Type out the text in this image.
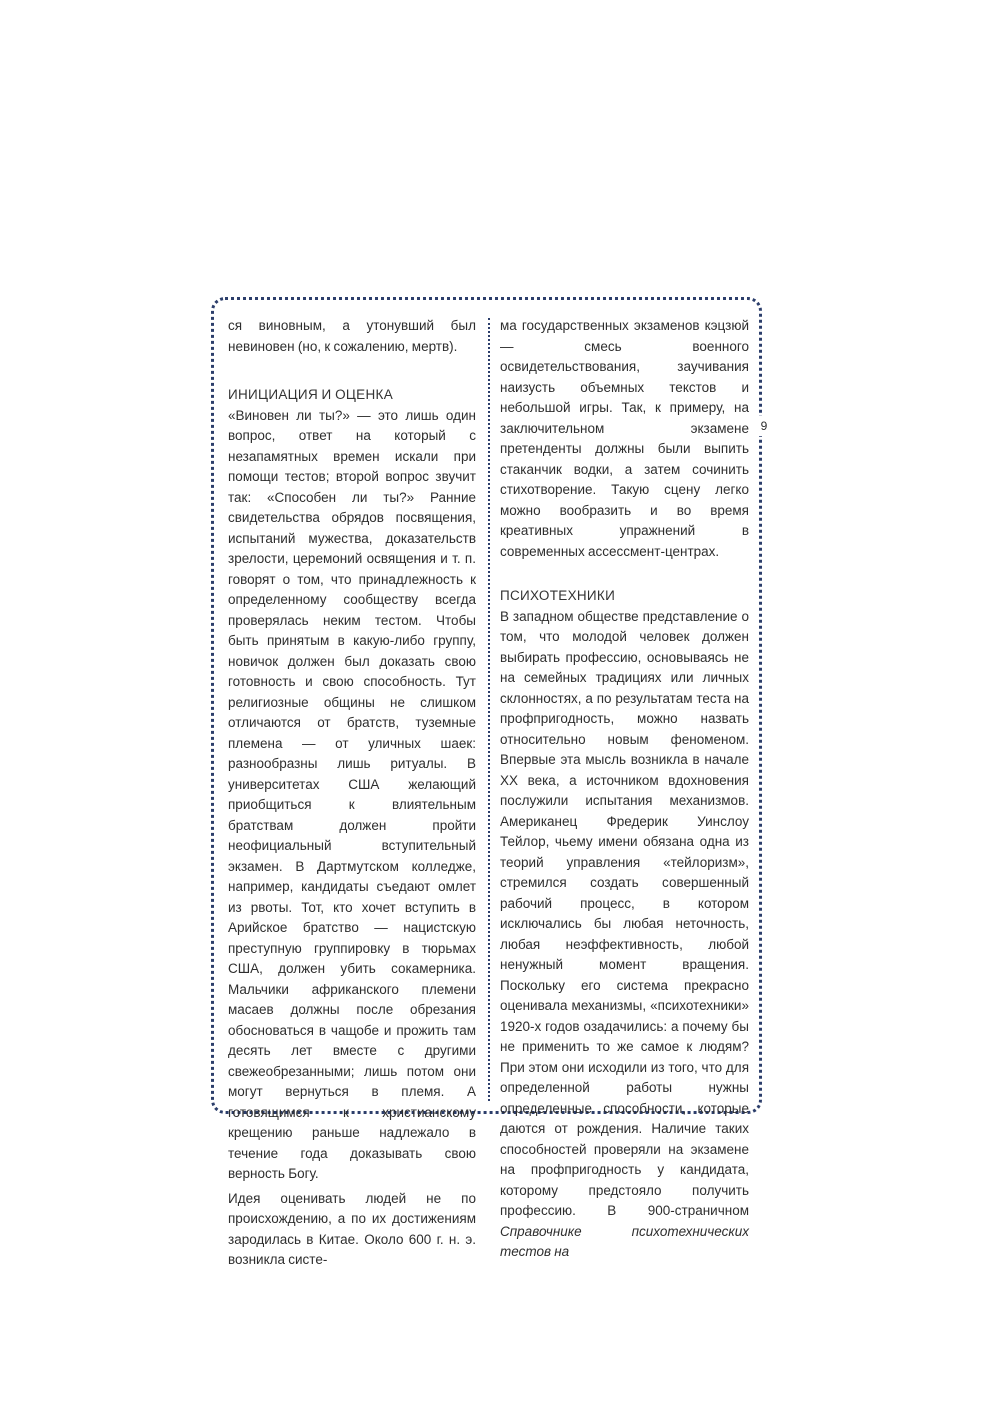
9

ся виновным, а утонувший был невиновен (но, к сожалению, мертв).

ИНИЦИАЦИЯ И ОЦЕНКА

«Виновен ли ты?» — это лишь один вопрос, ответ на который с незапамятных времен искали при помощи тестов; второй вопрос звучит так: «Способен ли ты?» Ранние свидетельства обрядов посвящения, испытаний мужества, доказательств зрелости, церемоний освящения и т. п. говорят о том, что принадлежность к определенному сообществу всегда проверялась неким тестом. Чтобы быть принятым в какую-либо группу, новичок должен был доказать свою готовность и свою способность. Тут религиозные общины не слишком отличаются от братств, туземные племена — от уличных шаек: разнообразны лишь ритуалы. В университетах США желающий приобщиться к влиятельным братствам должен пройти неофициальный вступительный экзамен. В Дартмутском колледже, например, кандидаты съедают омлет из рвоты. Тот, кто хочет вступить в Арийское братство — нацистскую преступную группировку в тюрьмах США, должен убить сокамерника. Мальчики африканского племени масаев должны после обрезания обосноваться в чащобе и прожить там десять лет вместе с другими свежеобрезанными; лишь потом они могут вернуться в племя. А готовящимся к христианскому крещению раньше надлежало в течение года доказывать свою верность Богу.

Идея оценивать людей не по происхождению, а по их достижениям зародилась в Китае. Около 600 г. н. э. возникла систе-

ма государственных экзаменов кэцзюй — смесь военного освидетельствования, заучивания наизусть объемных текстов и небольшой игры. Так, к примеру, на заключительном экзамене претенденты должны были выпить стаканчик водки, а затем сочинить стихотворение. Такую сцену легко можно вообразить и во время креативных упражнений в современных ассессмент-центрах.

ПСИХОТЕХНИКИ

В западном обществе представление о том, что молодой человек должен выбирать профессию, основываясь не на семейных традициях или личных склонностях, а по результатам теста на профпригодность, можно назвать относительно новым феноменом. Впервые эта мысль возникла в начале XX века, а источником вдохновения послужили испытания механизмов. Американец Фредерик Уинслоу Тейлор, чьему имени обязана одна из теорий управления «тейлоризм», стремился создать совершенный рабочий процесс, в котором исключались бы любая неточность, любая неэффективность, любой ненужный момент вращения. Поскольку его система прекрасно оценивала механизмы, «психотехники» 1920-х годов озадачились: а почему бы не применить то же самое к людям? При этом они исходили из того, что для определенной работы нужны определенные способности, которые даются от рождения. Наличие таких способностей проверяли на экзамене на профпригодность у кандидата, которому предстояло получить профессию. В 900-страничном Справочнике психотехнических тестов на
